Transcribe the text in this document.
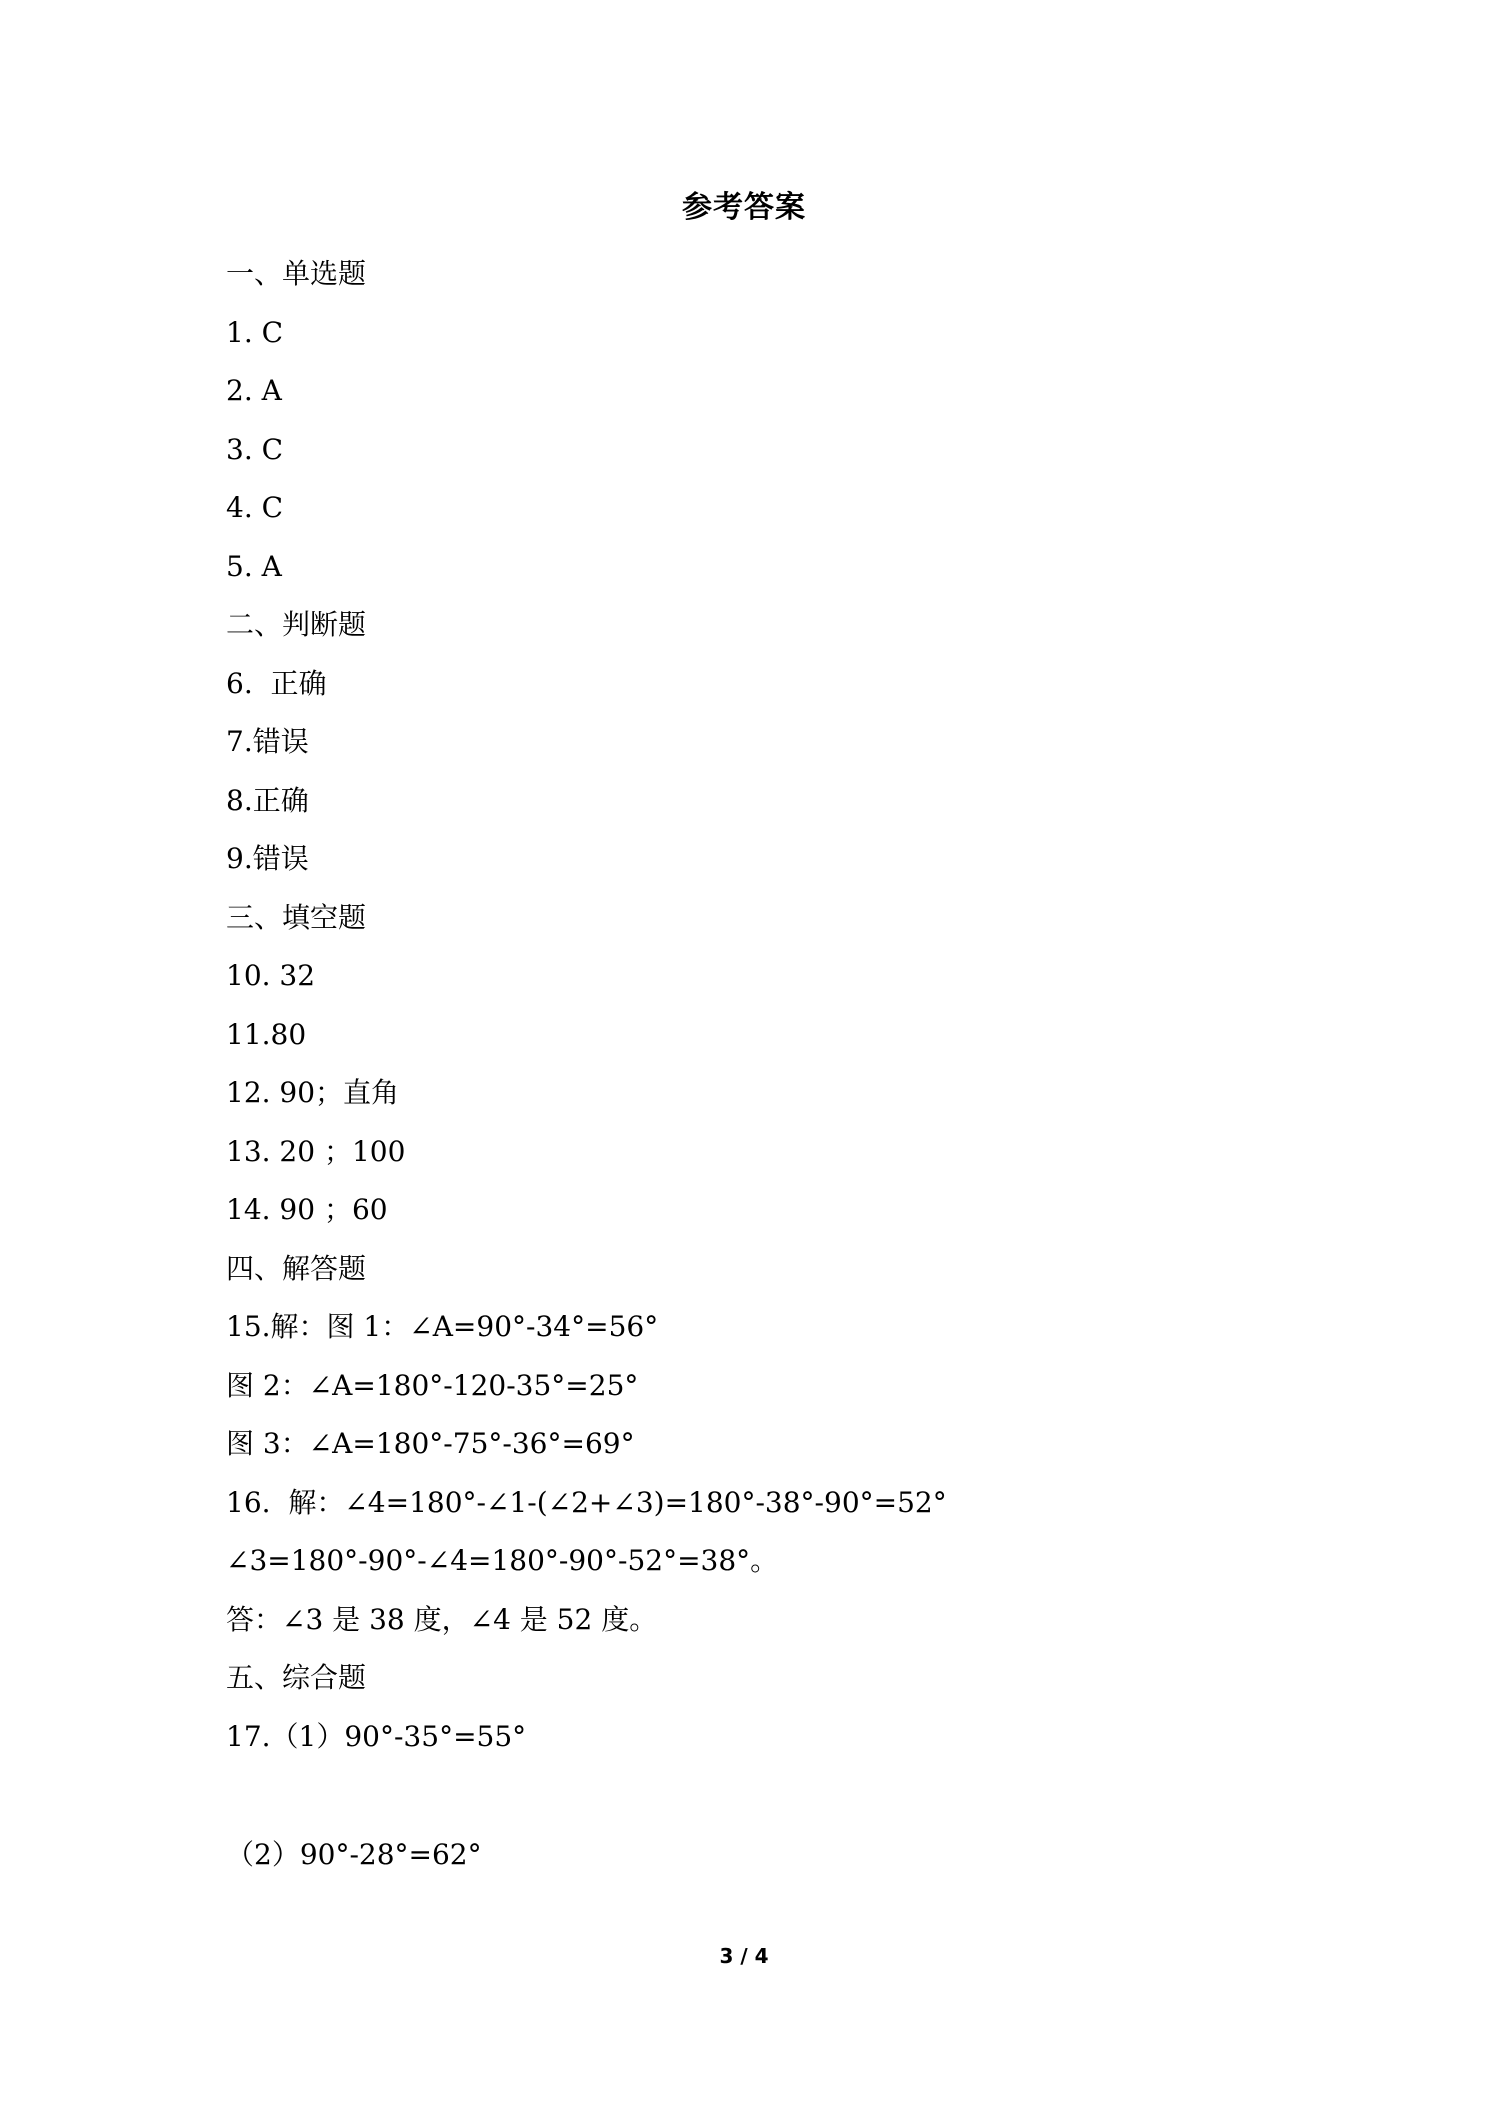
参考答案
一、单选题
1. C
2. A
3. C
4. C
5. A
二、判断题
6.  正确
7.错误
8.正确
9.错误
三、填空题
10. 32
11.80
12. 90；直角
13. 20 ；100
14. 90 ；60
四、解答题
15.解：图 1：∠A=90°-34°=56°
图 2：∠A=180°-120-35°=25°
图 3：∠A=180°-75°-36°=69°
16.  解：∠4=180°-∠1-(∠2+∠3)=180°-38°-90°=52°
∠3=180°-90°-∠4=180°-90°-52°=38°。
答：∠3 是 38 度，∠4 是 52 度。
五、综合题
17.（1）90°-35°=55°
（2）90°-28°=62°
3 / 4
